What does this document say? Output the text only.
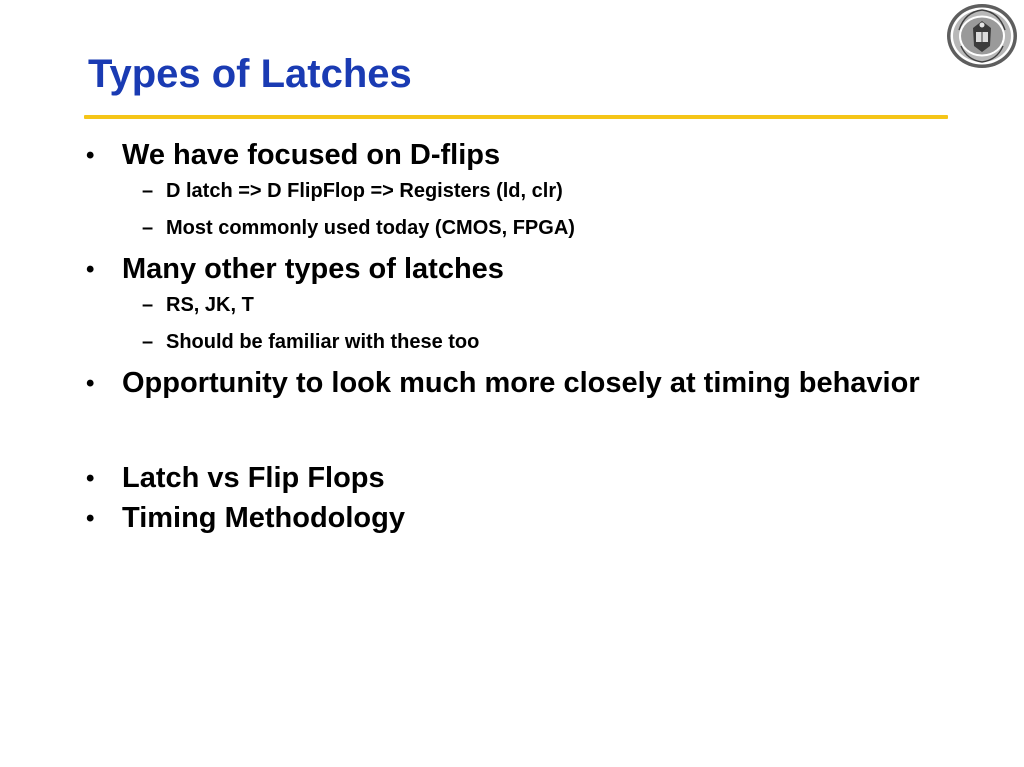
Types of Latches
• We have focused on D-flips
– D latch => D FlipFlop => Registers (ld, clr)
– Most commonly used today (CMOS, FPGA)
• Many other types of latches
– RS, JK, T
– Should be familiar with these too
• Opportunity to look much more closely at timing behavior
• Latch vs Flip Flops
• Timing Methodology
